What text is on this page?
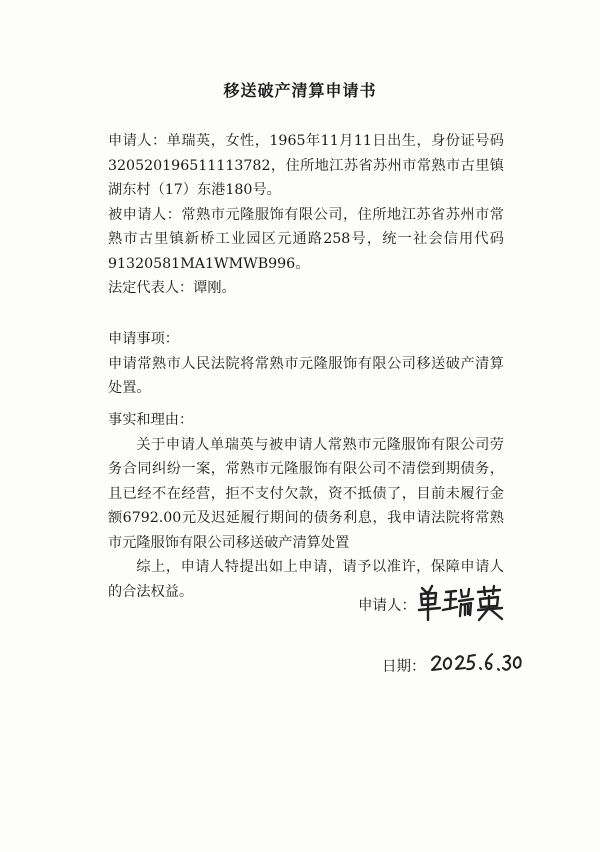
移送破产清算申请书

申请人：单瑞英，女性，1965年11月11日出生，身份证号码320520196511113782，住所地江苏省苏州市常熟市古里镇湖东村（17）东港180号。

被申请人：常熟市元隆服饰有限公司，住所地江苏省苏州市常熟市古里镇新桥工业园区元通路258号，统一社会信用代码91320581MA1WMWB996。

法定代表人：谭刚。

申请事项：

申请常熟市人民法院将常熟市元隆服饰有限公司移送破产清算处置。

事实和理由：

关于申请人单瑞英与被申请人常熟市元隆服饰有限公司劳务合同纠纷一案，常熟市元隆服饰有限公司不清偿到期债务，且已经不在经营，拒不支付欠款，资不抵债了，目前未履行金额6792.00元及迟延履行期间的债务利息，我申请法院将常熟市元隆服饰有限公司移送破产清算处置

综上，申请人特提出如上申请，请予以准许，保障申请人的合法权益。

申请人：
日期：
